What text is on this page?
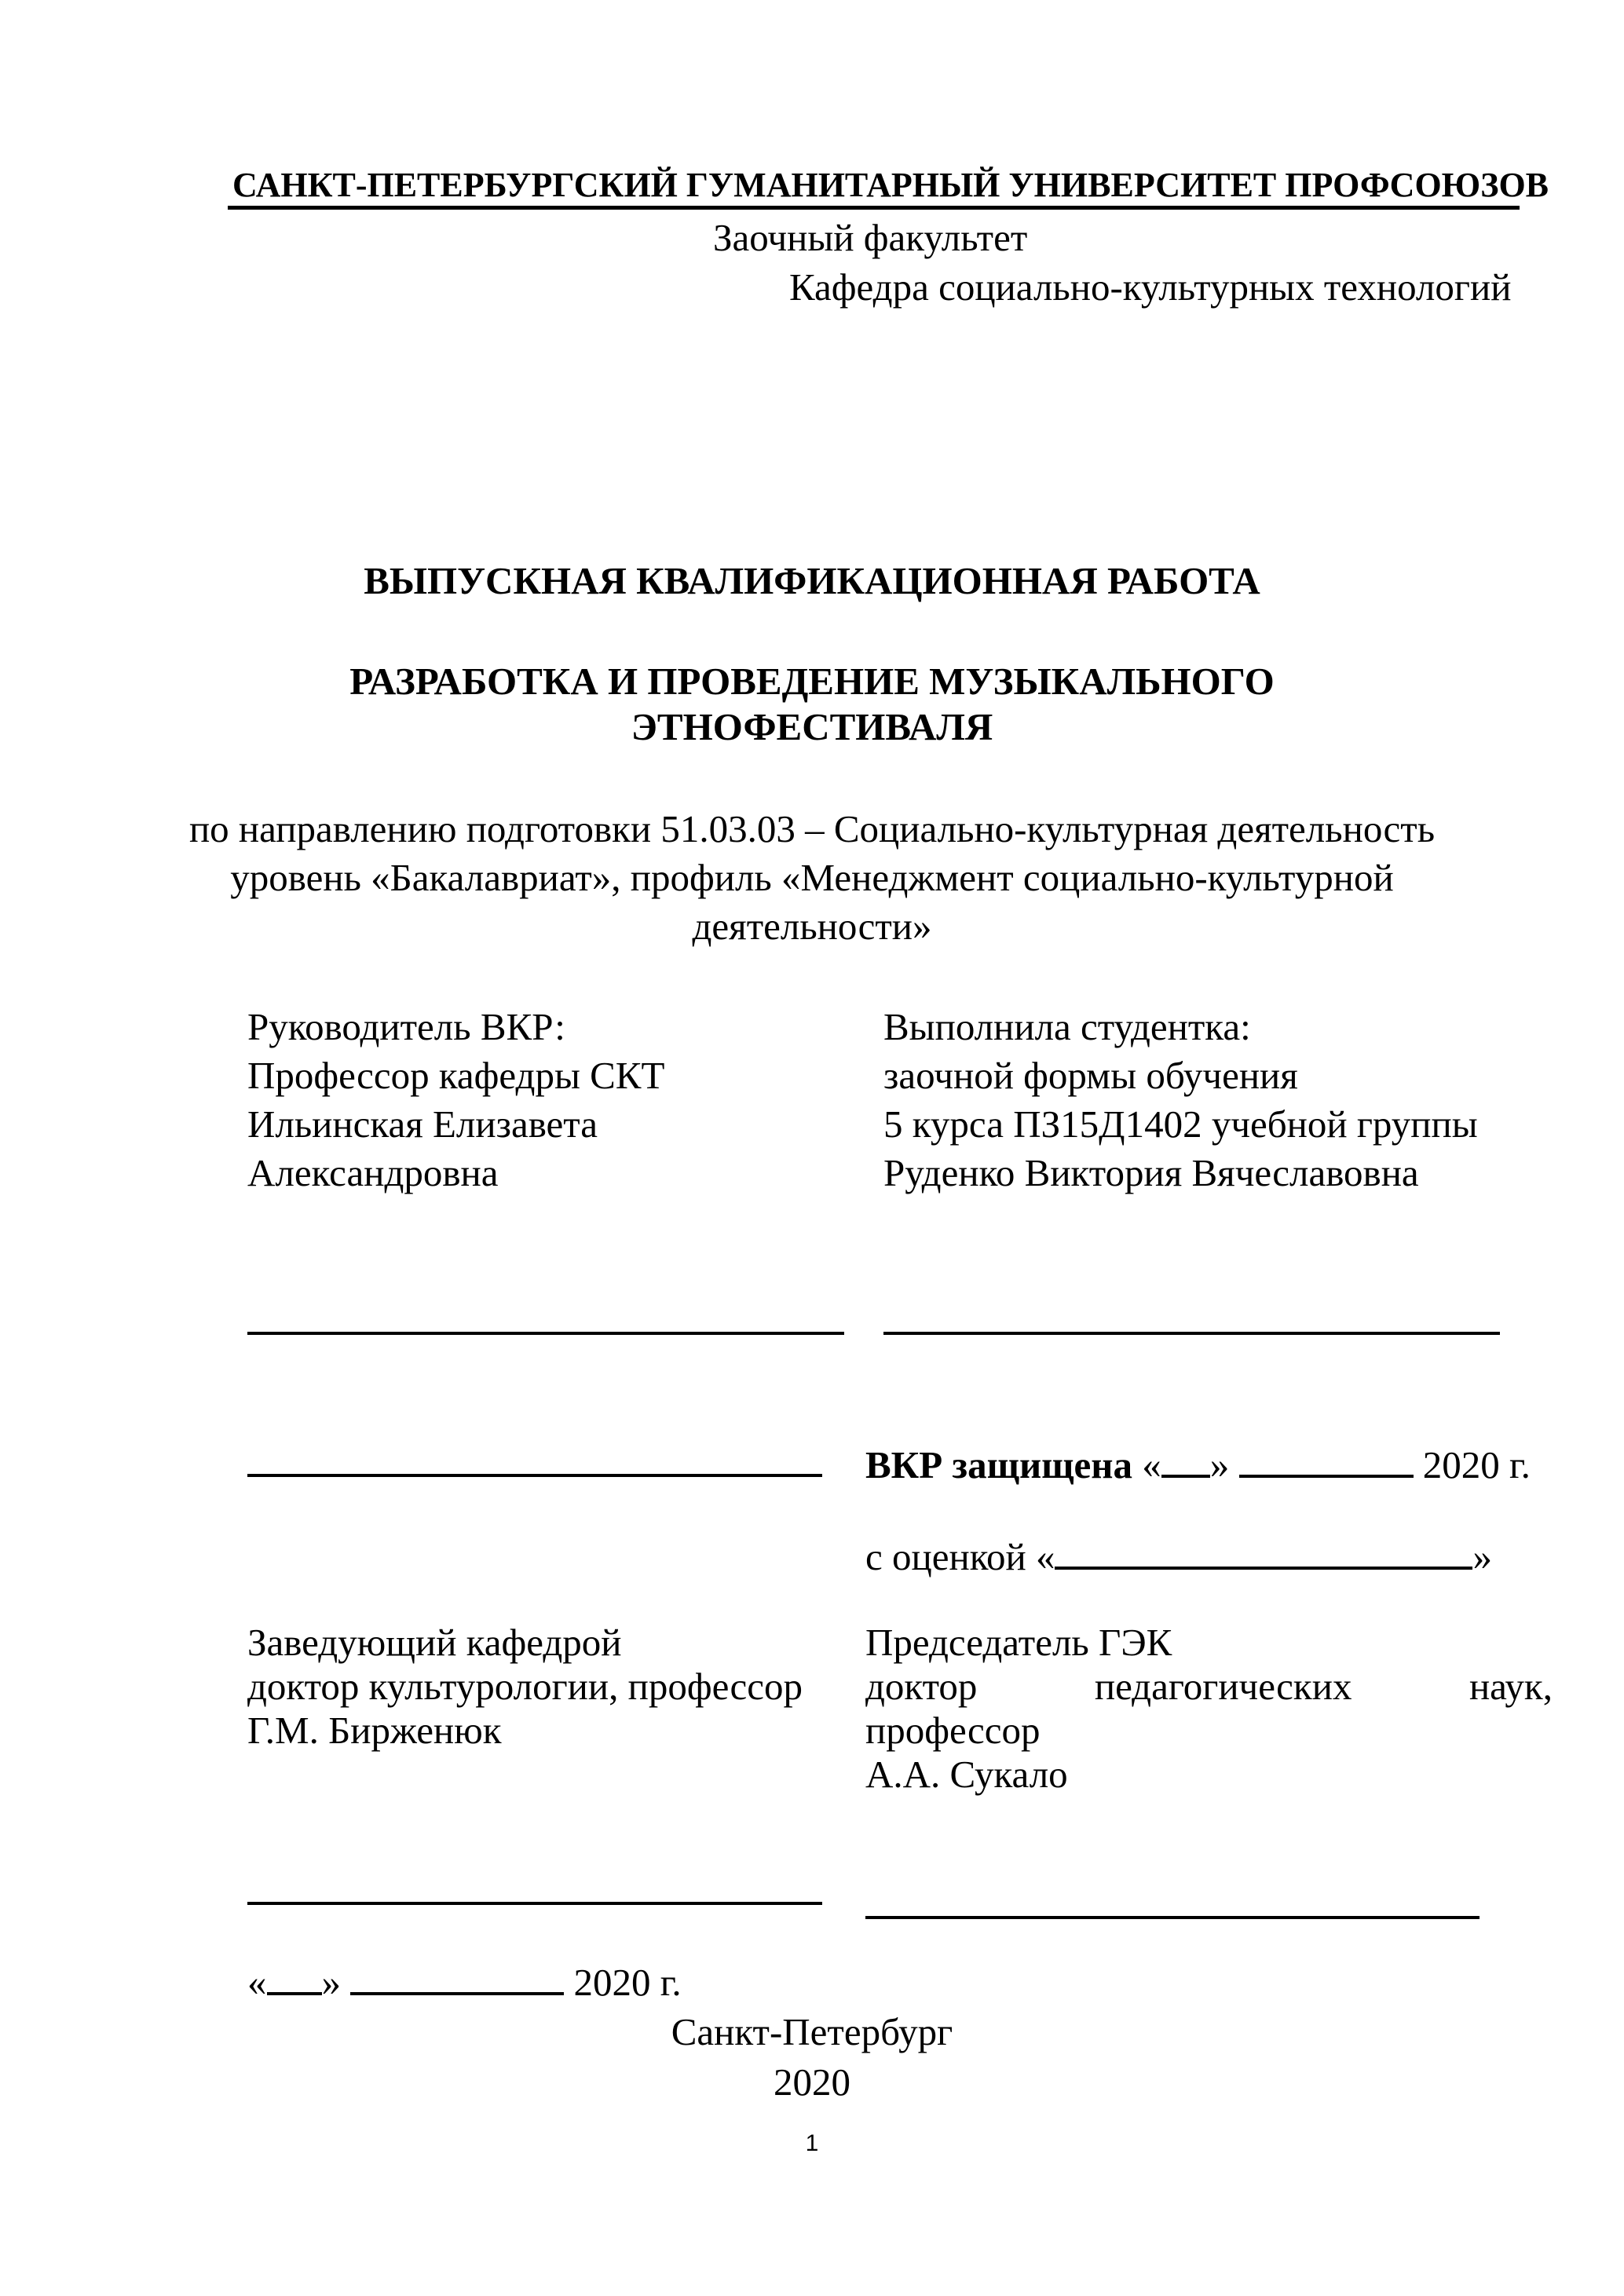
САНКТ-ПЕТЕРБУРГСКИЙ ГУМАНИТАРНЫЙ УНИВЕРСИТЕТ ПРОФСОЮЗОВ
Заочный факультет
Кафедра социально-культурных технологий
ВЫПУСКНАЯ КВАЛИФИКАЦИОННАЯ РАБОТА
РАЗРАБОТКА И ПРОВЕДЕНИЕ МУЗЫКАЛЬНОГО
ЭТНОФЕСТИВАЛЯ
по направлению подготовки 51.03.03 – Социально-культурная деятельность
уровень «Бакалавриат», профиль «Менеджмент социально-культурной
деятельности»
Руководитель ВКР:
Профессор кафедры СКТ
Ильинская Елизавета
Александровна
Выполнила студентка:
заочной формы обучения
5 курса ПЗ15Д1402 учебной группы
Руденко Виктория Вячеславовна
ВКР защищена « »	2020 г.
с оценкой «	»
Заведующий кафедрой
доктор культурологии, профессор
Г.М. Бирженюк
Председатель ГЭК
доктор	педагогических	наук,
профессор
А.А. Сукало
« »	2020 г.
Санкт-Петербург
2020
1
